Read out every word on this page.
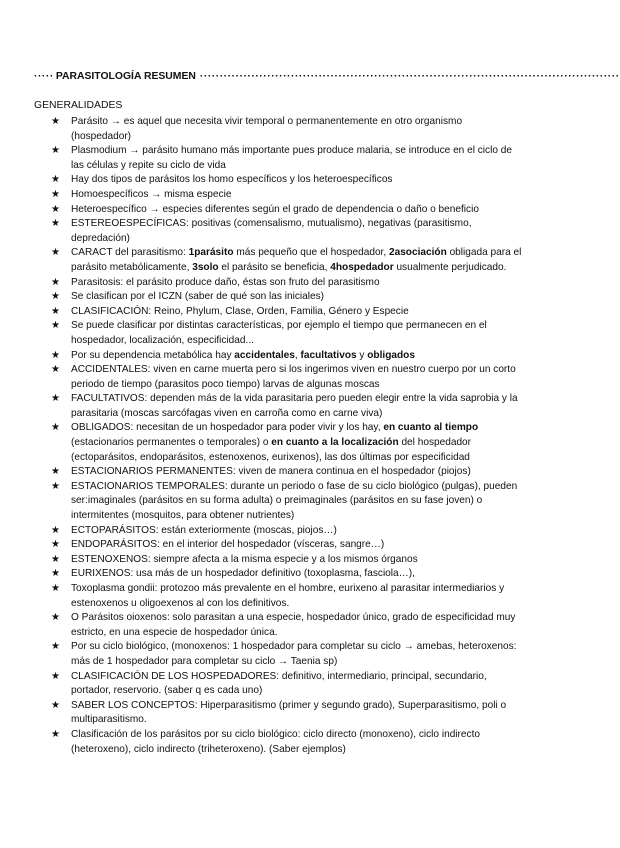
····· PARASITOLOGÍA RESUMEN ··········································································································
GENERALIDADES
★ Parásito → es aquel que necesita vivir temporal o permanentemente en otro organismo (hospedador)
★ Plasmodium → parásito humano más importante pues produce malaria, se introduce en el ciclo de las células y repite su ciclo de vida
★ Hay dos tipos de parásitos los homo específicos y los heteroespecíficos
★ Homoespecíficos → misma especie
★ Heteroespecífico → especies diferentes según el grado de dependencia o daño o beneficio
★ ESTEREOESPECÍFICAS: positivas (comensalismo, mutualismo), negativas (parasitismo, depredación)
★ CARACT del parasitismo: 1parásito más pequeño que el hospedador, 2asociación obligada para el parásito metabólicamente, 3solo el parásito se beneficia, 4hospedador usualmente perjudicado.
★ Parasitosis: el parásito produce daño, éstas son fruto del parasitismo
★ Se clasifican por el ICZN (saber de qué son las iniciales)
★ CLASIFICACIÓN: Reino, Phylum, Clase, Orden, Familia, Género y Especie
★ Se puede clasificar por distintas características, por ejemplo el tiempo que permanecen en el hospedador, localización, especificidad...
★ Por su dependencia metabólica hay accidentales, facultativos y obligados
★ ACCIDENTALES: viven en carne muerta pero si los ingerimos viven en nuestro cuerpo por un corto periodo de tiempo (parasitos poco tiempo) larvas de algunas moscas
★ FACULTATIVOS: dependen más de la vida parasitaria pero pueden elegir entre la vida saprobia y la parasitaria (moscas sarcófagas viven en carroña como en carne viva)
★ OBLIGADOS: necesitan de un hospedador para poder vivir y los hay, en cuanto al tiempo (estacionarios permanentes o temporales) o en cuanto a la localización del hospedador (ectoparásitos, endoparásitos, estenoxenos, eurixenos), las dos últimas por especificidad
★ ESTACIONARIOS PERMANENTES: viven de manera continua en el hospedador (piojos)
★ ESTACIONARIOS TEMPORALES: durante un periodo o fase de su ciclo biológico (pulgas), pueden ser:imaginales (parásitos en su forma adulta) o preimaginales (parásitos en su fase joven) o intermitentes (mosquitos, para obtener nutrientes)
★ ECTOPARÁSITOS: están exteriormente (moscas, piojos…)
★ ENDOPARÁSITOS: en el interior del hospedador (vísceras, sangre…)
★ ESTENOXENOS: siempre afecta a la misma especie y a los mismos órganos
★ EURIXENOS: usa más de un hospedador definitivo (toxoplasma, fasciola…),
★ Toxoplasma gondii: protozoo más prevalente en el hombre, eurixeno al parasitar intermediarios y estenoxenos u oligoexenos al con los definitivos.
★ O Parásitos oioxenos: solo parasitan a una especie, hospedador único, grado de especificidad muy estricto, en una especie de hospedador única.
★ Por su ciclo biológico, (monoxenos: 1 hospedador para completar su ciclo → amebas, heteroxenos: más de 1 hospedador para completar su ciclo → Taenia sp)
★ CLASIFICACIÓN DE LOS HOSPEDADORES: definitivo, intermediario, principal, secundario, portador, reservorio. (saber q es cada uno)
★ SABER LOS CONCEPTOS: Hiperparasitismo (primer y segundo grado), Superparasitismo, poli o multiparasitismo.
★ Clasificación de los parásitos por su ciclo biológico: ciclo directo (monoxeno), ciclo indirecto (heteroxeno), ciclo indirecto (triheteroxeno). (Saber ejemplos)
